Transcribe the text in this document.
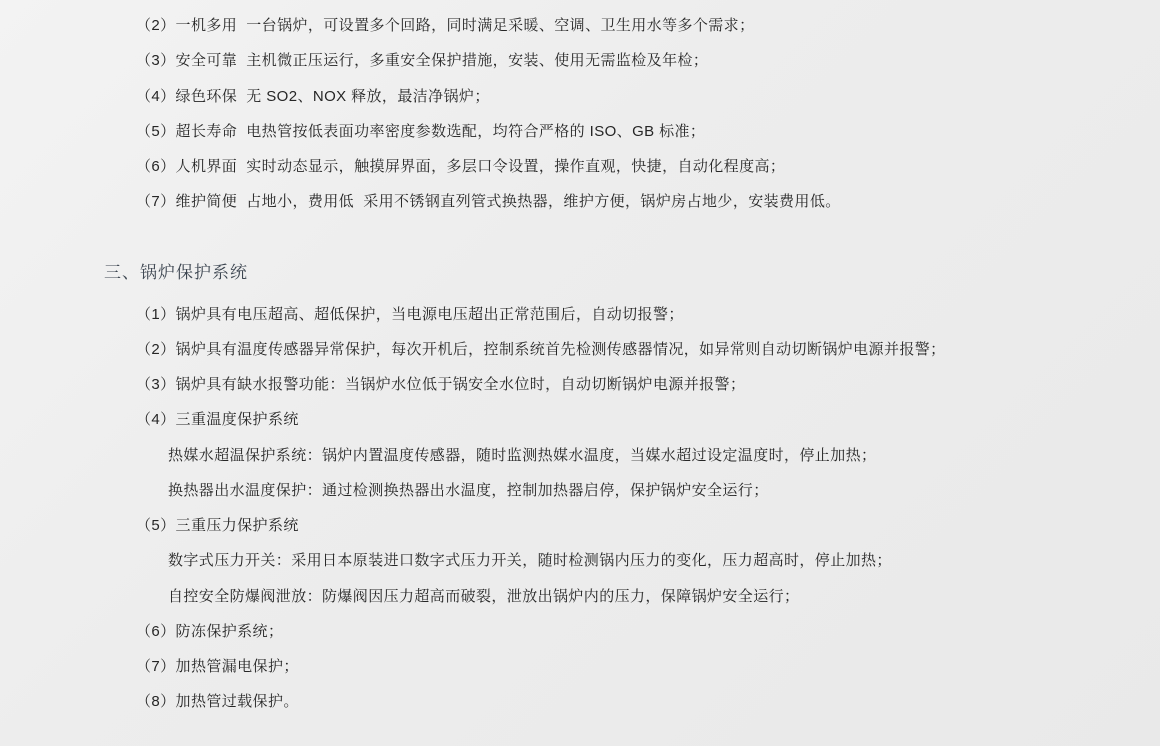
（2）一机多用  一台锅炉，可设置多个回路，同时满足采暖、空调、卫生用水等多个需求；
（3）安全可靠  主机微正压运行，多重安全保护措施，安装、使用无需监检及年检；
（4）绿色环保  无 SO2、NOX 释放，最洁净锅炉；
（5）超长寿命  电热管按低表面功率密度参数选配，均符合严格的 ISO、GB 标准；
（6）人机界面  实时动态显示，触摸屏界面，多层口令设置，操作直观，快捷，自动化程度高；
（7）维护简便  占地小，费用低  采用不锈钢直列管式换热器，维护方便，锅炉房占地少，安装费用低。
三、锅炉保护系统
（1）锅炉具有电压超高、超低保护，当电源电压超出正常范围后，自动切报警；
（2）锅炉具有温度传感器异常保护，每次开机后，控制系统首先检测传感器情况，如异常则自动切断锅炉电源并报警；
（3）锅炉具有缺水报警功能：当锅炉水位低于锅安全水位时，自动切断锅炉电源并报警；
（4）三重温度保护系统
热媒水超温保护系统：锅炉内置温度传感器，随时监测热媒水温度，当媒水超过设定温度时，停止加热；
换热器出水温度保护：通过检测换热器出水温度，控制加热器启停，保护锅炉安全运行；
（5）三重压力保护系统
数字式压力开关：采用日本原装进口数字式压力开关，随时检测锅内压力的变化，压力超高时，停止加热；
自控安全防爆阀泄放：防爆阀因压力超高而破裂，泄放出锅炉内的压力，保障锅炉安全运行；
（6）防冻保护系统；
（7）加热管漏电保护；
（8）加热管过载保护。
